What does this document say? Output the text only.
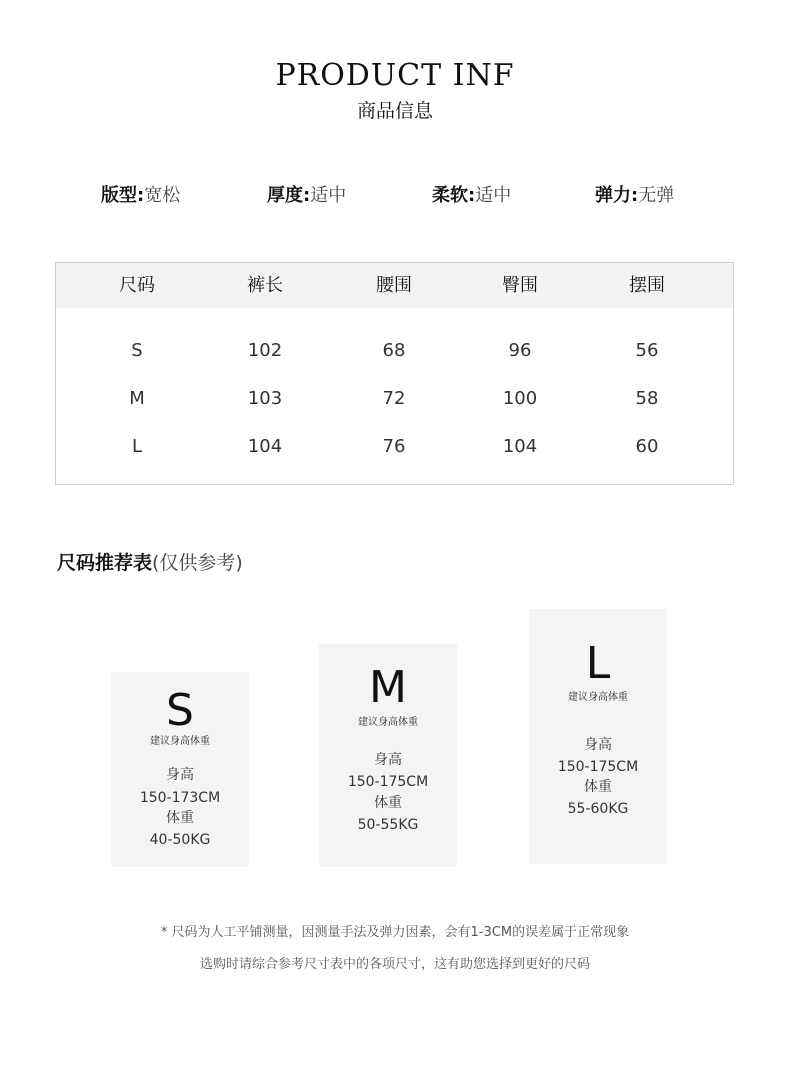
PRODUCT INF
商品信息
版型:宽松	厚度:适中	柔软:适中	弹力:无弹
尺码	裤长	腰围	臀围	摆围
S	102	68	96	56
M	103	72	100	58
L	104	76	104	60
尺码推荐表(仅供参考)
S
建议身高体重
身高
150-173CM
体重
40-50KG
M
建议身高体重
身高
150-175CM
体重
50-55KG
L
建议身高体重
身高
150-175CM
体重
55-60KG
* 尺码为人工平铺测量，因测量手法及弹力因素，会有1-3CM的误差属于正常现象
选购时请综合参考尺寸表中的各项尺寸，这有助您选择到更好的尺码
